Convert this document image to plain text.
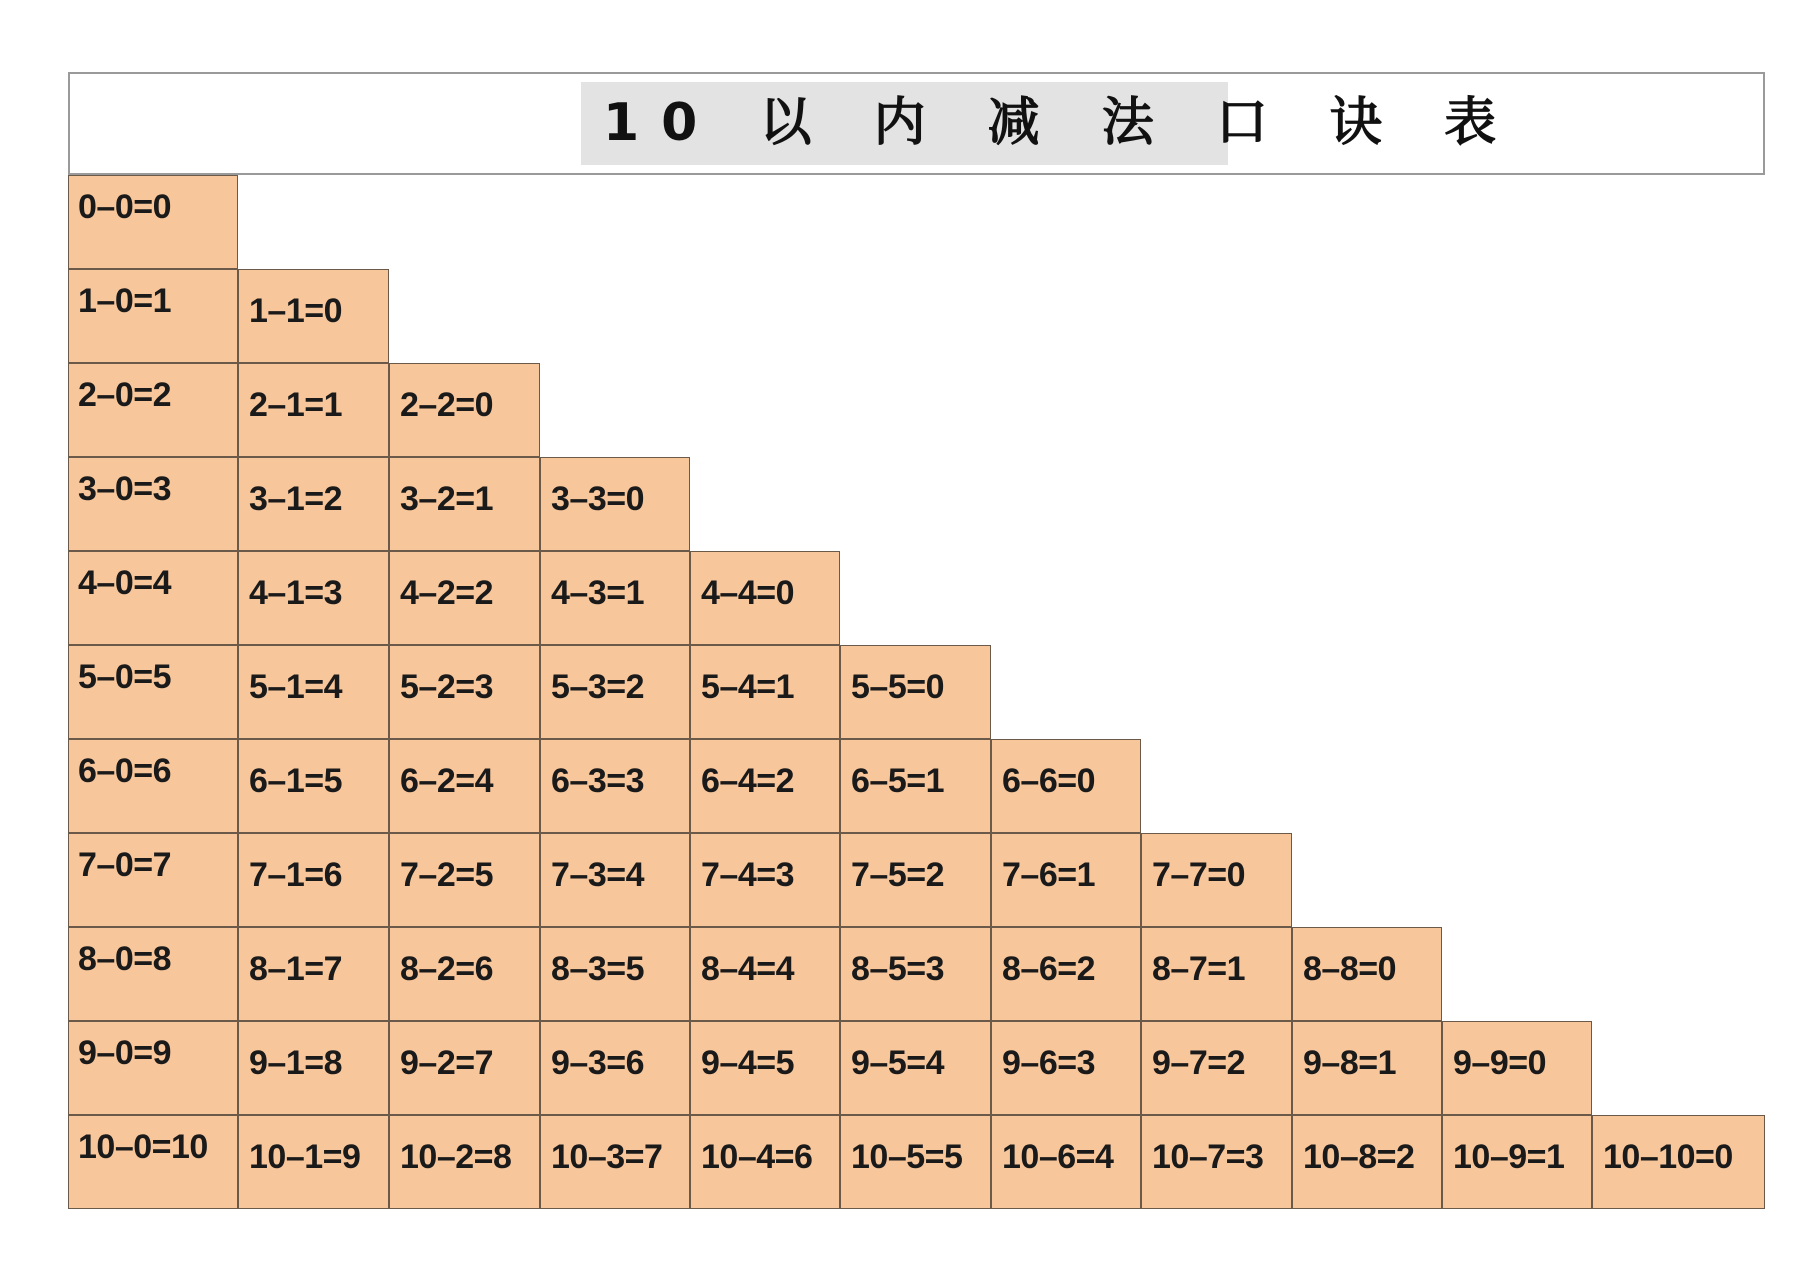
10 以 内 减 法 口 诀 表
0–0=0
1–0=1 1–1=0
2–0=2 2–1=1 2–2=0
3–0=3 3–1=2 3–2=1 3–3=0
4–0=4 4–1=3 4–2=2 4–3=1 4–4=0
5–0=5 5–1=4 5–2=3 5–3=2 5–4=1 5–5=0
6–0=6 6–1=5 6–2=4 6–3=3 6–4=2 6–5=1 6–6=0
7–0=7 7–1=6 7–2=5 7–3=4 7–4=3 7–5=2 7–6=1 7–7=0
8–0=8 8–1=7 8–2=6 8–3=5 8–4=4 8–5=3 8–6=2 8–7=1 8–8=0
9–0=9 9–1=8 9–2=7 9–3=6 9–4=5 9–5=4 9–6=3 9–7=2 9–8=1 9–9=0
10–0=10 10–1=9 10–2=8 10–3=7 10–4=6 10–5=5 10–6=4 10–7=3 10–8=2 10–9=1 10–10=0
